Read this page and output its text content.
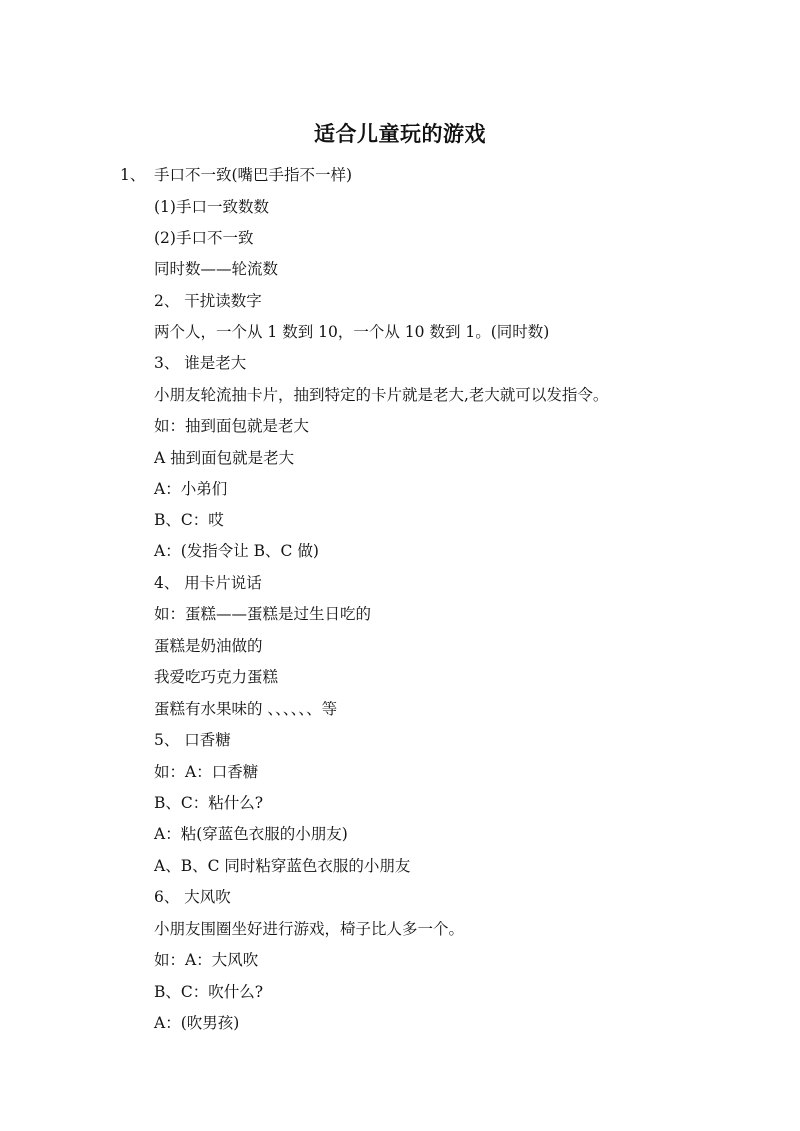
适合儿童玩的游戏
1、 手口不一致(嘴巴手指不一样)
(1)手口一致数数
(2)手口不一致
同时数——轮流数
2、 干扰读数字
两个人，一个从 1 数到 10，一个从 10 数到 1。(同时数)
3、 谁是老大
小朋友轮流抽卡片，抽到特定的卡片就是老大,老大就可以发指令。
如：抽到面包就是老大
A 抽到面包就是老大
A：小弟们
B、C：哎
A：(发指令让 B、C 做)
4、 用卡片说话
如：蛋糕——蛋糕是过生日吃的
蛋糕是奶油做的
我爱吃巧克力蛋糕
蛋糕有水果味的 、、、、、、等
5、 口香糖
如：A：口香糖
B、C：粘什么?
A：粘(穿蓝色衣服的小朋友)
A、B、C 同时粘穿蓝色衣服的小朋友
6、 大风吹
小朋友围圈坐好进行游戏，椅子比人多一个。
如：A：大风吹
B、C：吹什么?
A：(吹男孩)
